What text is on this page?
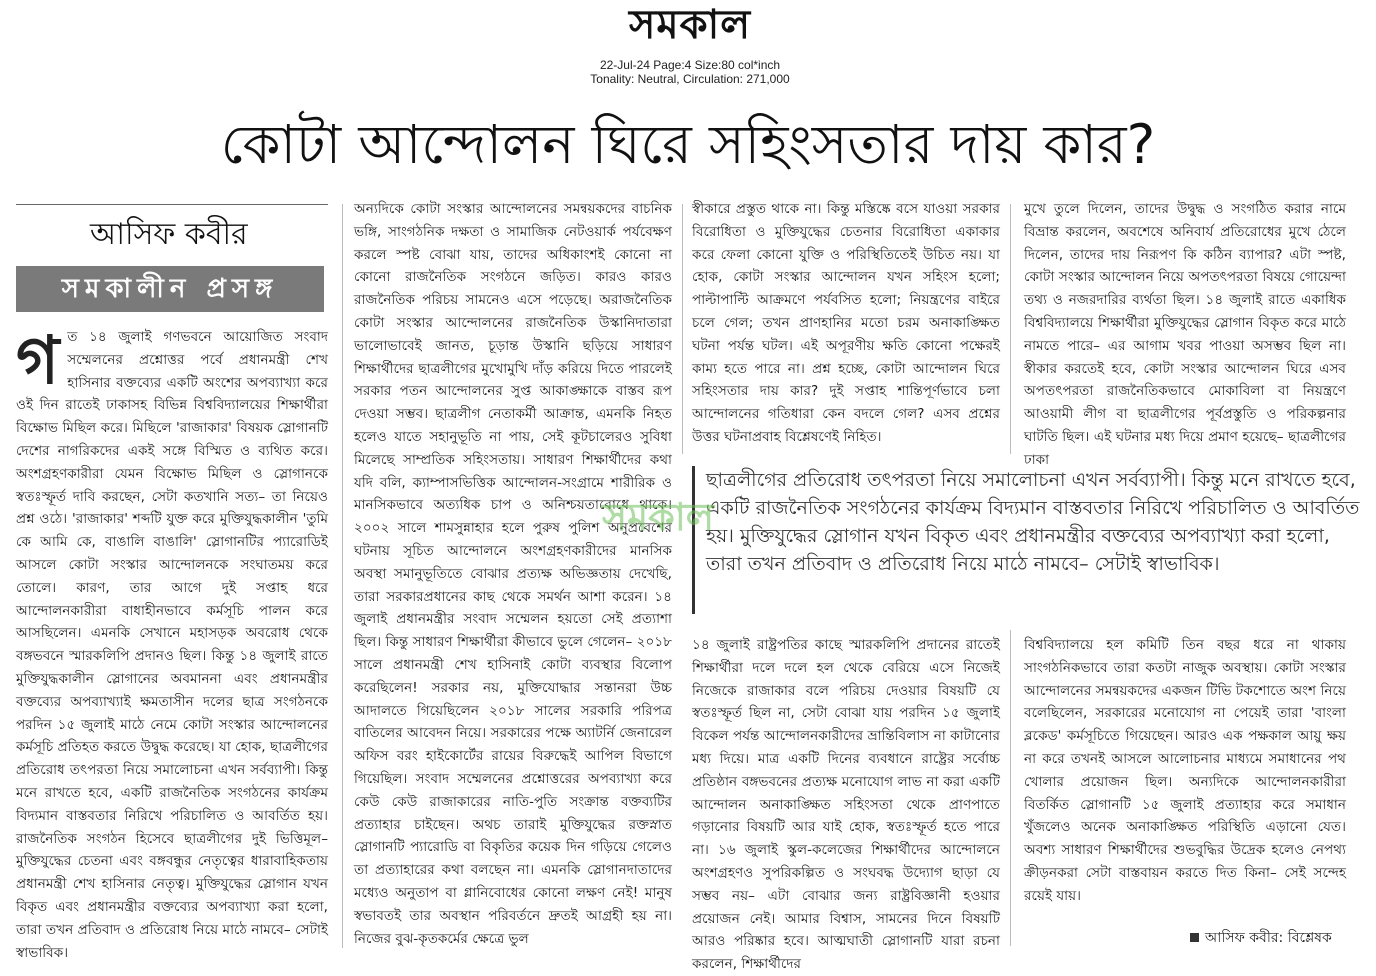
সমকাল
22-Jul-24 Page:4 Size:80 col*inch
Tonality: Neutral, Circulation: 271,000
কোটা আন্দোলন ঘিরে সহিংসতার দায় কার?
আসিফ কবীর
সমকালীন প্রসঙ্গ
গ ত ১৪ জুলাই গণভবনে আয়োজিত সংবাদ সম্মেলনের প্রশ্নোত্তর পর্বে প্রধানমন্ত্রী শেখ হাসিনার বক্তব্যের একটি অংশের অপব্যাখ্যা করে ওই দিন রাতেই ঢাকাসহ বিভিন্ন বিশ্ববিদ্যালয়ের শিক্ষার্থীরা বিক্ষোভ মিছিল করে। মিছিলে 'রাজাকার' বিষয়ক স্লোগানটি দেশের নাগরিকদের একই সঙ্গে বিস্মিত ও ব্যথিত করে। অংশগ্রহণকারীরা যেমন বিক্ষোভ মিছিল ও স্লোগানকে স্বতঃস্ফূর্ত দাবি করছেন, সেটা কতখানি সত্য– তা নিয়েও প্রশ্ন ওঠে। 'রাজাকার' শব্দটি যুক্ত করে মুক্তিযুদ্ধকালীন 'তুমি কে আমি কে, বাঙালি বাঙালি' স্লোগানটির প্যারোডিই আসলে কোটা সংস্কার আন্দোলনকে সংঘাতময় করে তোলে। কারণ, তার আগে দুই সপ্তাহ ধরে আন্দোলনকারীরা বাধাহীনভাবে কর্মসূচি পালন করে আসছিলেন। এমনকি সেখানে মহাসড়ক অবরোধ থেকে বঙ্গভবনে স্মারকলিপি প্রদানও ছিল। কিন্তু ১৪ জুলাই রাতে মুক্তিযুদ্ধকালীন স্লোগানের অবমাননা এবং প্রধানমন্ত্রীর বক্তব্যের অপব্যাখ্যাই ক্ষমতাসীন দলের ছাত্র সংগঠনকে পরদিন ১৫ জুলাই মাঠে নেমে কোটা সংস্কার আন্দোলনের কর্মসূচি প্রতিহত করতে উদ্বুদ্ধ করেছে। যা হোক, ছাত্রলীগের প্রতিরোধ তৎপরতা নিয়ে সমালোচনা এখন সর্বব্যাপী। কিন্তু মনে রাখতে হবে, একটি রাজনৈতিক সংগঠনের কার্যক্রম বিদ্যমান বাস্তবতার নিরিখে পরিচালিত ও আবর্তিত হয়। রাজনৈতিক সংগঠন হিসেবে ছাত্রলীগের দুই ভিত্তিমূল– মুক্তিযুদ্ধের চেতনা এবং বঙ্গবন্ধুর নেতৃত্বের ধারাবাহিকতায় প্রধানমন্ত্রী শেখ হাসিনার নেতৃত্ব। মুক্তিযুদ্ধের স্লোগান যখন বিকৃত এবং প্রধানমন্ত্রীর বক্তব্যের অপব্যাখ্যা করা হলো, তারা তখন প্রতিবাদ ও প্রতিরোধ নিয়ে মাঠে নামবে– সেটাই স্বাভাবিক।

অন্যদিকে কোটা সংস্কার আন্দোলনের সমন্বয়কদের বাচনিক ভঙ্গি, সাংগঠনিক দক্ষতা ও সামাজিক নেটওয়ার্ক পর্যবেক্ষণ করলে স্পষ্ট বোঝা যায়, তাদের অধিকাংশই কোনো না কোনো রাজনৈতিক সংগঠনে জড়িত। কারও কারও রাজনৈতিক পরিচয় সামনেও এসে পড়েছে। অরাজনৈতিক কোটা সংস্কার আন্দোলনের রাজনৈতিক উস্কানিদাতারা ভালোভাবেই জানত, চূড়ান্ত উস্কানি ছড়িয়ে সাধারণ শিক্ষার্থীদের ছাত্রলীগের মুখোমুখি দাঁড় করিয়ে দিতে পারলেই সরকার পতন আন্দোলনের সুপ্ত আকাঙ্ক্ষাকে বাস্তব রূপ দেওয়া সম্ভব। ছাত্রলীগ নেতাকর্মী আক্রান্ত, এমনকি নিহত হলেও যাতে সহানুভূতি না পায়, সেই কূটচালেরও সুবিধা মিলেছে সাম্প্রতিক সহিংসতায়। সাধারণ শিক্ষার্থীদের কথা যদি বলি, ক্যাম্পাসভিত্তিক আন্দোলন-সংগ্রামে শারীরিক ও মানসিকভাবে অত্যধিক চাপ ও অনিশ্চয়তাবোধে থাকে। ২০০২ সালে শামসুন্নাহার হলে পুরুষ পুলিশ অনুপ্রবেশের ঘটনায় সূচিত আন্দোলনে অংশগ্রহণকারীদের মানসিক অবস্থা সমানুভূতিতে বোঝার প্রত্যক্ষ অভিজ্ঞতায় দেখেছি, তারা সরকারপ্রধানের কাছ থেকে সমর্থন আশা করেন। ১৪ জুলাই প্রধানমন্ত্রীর সংবাদ সম্মেলন হয়তো সেই প্রত্যাশা ছিল। কিন্তু সাধারণ শিক্ষার্থীরা কীভাবে ভুলে গেলেন– ২০১৮ সালে প্রধানমন্ত্রী শেখ হাসিনাই কোটা ব্যবস্থার বিলোপ করেছিলেন! সরকার নয়, মুক্তিযোদ্ধার সন্তানরা উচ্চ আদালতে গিয়েছিলেন ২০১৮ সালের সরকারি পরিপত্র বাতিলের আবেদন নিয়ে। সরকারের পক্ষে অ্যাটর্নি জেনারেল অফিস বরং হাইকোর্টের রায়ের বিরুদ্ধেই আপিল বিভাগে গিয়েছিল। সংবাদ সম্মেলনের প্রশ্নোত্তরের অপব্যাখ্যা করে কেউ কেউ রাজাকারের নাতি-পুতি সংক্রান্ত বক্তব্যটির প্রত্যাহার চাইছেন। অথচ তারাই মুক্তিযুদ্ধের রক্তস্নাত স্লোগানটি প্যারোডি বা বিকৃতির কয়েক দিন গড়িয়ে গেলেও তা প্রত্যাহারের কথা বলছেন না। এমনকি স্লোগানদাতাদের মধ্যেও অনুতাপ বা গ্লানিবোধের কোনো লক্ষণ নেই! মানুষ স্বভাবতই তার অবস্থান পরিবর্তনে দ্রুতই আগ্রহী হয় না। নিজের বুঝ-কৃতকর্মের ক্ষেত্রে ভুল

স্বীকারে প্রস্তুত থাকে না। কিন্তু মস্তিষ্কে বসে যাওয়া সরকার বিরোধিতা ও মুক্তিযুদ্ধের চেতনার বিরোধিতা একাকার করে ফেলা কোনো যুক্তি ও পরিস্থিতিতেই উচিত নয়। যা হোক, কোটা সংস্কার আন্দোলন যখন সহিংস হলো; পাল্টাপাল্টি আক্রমণে পর্যবসিত হলো; নিয়ন্ত্রণের বাইরে চলে গেল; তখন প্রাণহানির মতো চরম অনাকাঙ্ক্ষিত ঘটনা পর্যন্ত ঘটল। এই অপূরণীয় ক্ষতি কোনো পক্ষেরই কাম্য হতে পারে না। প্রশ্ন হচ্ছে, কোটা আন্দোলন ঘিরে সহিংসতার দায় কার? দুই সপ্তাহ শান্তিপূর্ণভাবে চলা আন্দোলনের গতিধারা কেন বদলে গেল? এসব প্রশ্নের উত্তর ঘটনাপ্রবাহ বিশ্লেষণেই নিহিত।

মুখে তুলে দিলেন, তাদের উদ্বুদ্ধ ও সংগঠিত করার নামে বিভ্রান্ত করলেন, অবশেষে অনিবার্য প্রতিরোধের মুখে ঠেলে দিলেন, তাদের দায় নিরূপণ কি কঠিন ব্যাপার? এটা স্পষ্ট, কোটা সংস্কার আন্দোলন নিয়ে অপতৎপরতা বিষয়ে গোয়েন্দা তথ্য ও নজরদারির ব্যর্থতা ছিল। ১৪ জুলাই রাতে একাধিক বিশ্ববিদ্যালয়ে শিক্ষার্থীরা মুক্তিযুদ্ধের স্লোগান বিকৃত করে মাঠে নামতে পারে– এর আগাম খবর পাওয়া অসম্ভব ছিল না। স্বীকার করতেই হবে, কোটা সংস্কার আন্দোলন ঘিরে এসব অপতৎপরতা রাজনৈতিকভাবে মোকাবিলা বা নিয়ন্ত্রণে আওয়ামী লীগ বা ছাত্রলীগের পূর্বপ্রস্তুতি ও পরিকল্পনার ঘাটতি ছিল। এই ঘটনার মধ্য দিয়ে প্রমাণ হয়েছে– ছাত্রলীগের ঢাকা

ছাত্রলীগের প্রতিরোধ তৎপরতা নিয়ে সমালোচনা এখন সর্বব্যাপী। কিন্তু মনে রাখতে হবে, একটি রাজনৈতিক সংগঠনের কার্যক্রম বিদ্যমান বাস্তবতার নিরিখে পরিচালিত ও আবর্তিত হয়। মুক্তিযুদ্ধের স্লোগান যখন বিকৃত এবং প্রধানমন্ত্রীর বক্তব্যের অপব্যাখ্যা করা হলো, তারা তখন প্রতিবাদ ও প্রতিরোধ নিয়ে মাঠে নামবে– সেটাই স্বাভাবিক।
সমকাল

১৪ জুলাই রাষ্ট্রপতির কাছে স্মারকলিপি প্রদানের রাতেই শিক্ষার্থীরা দলে দলে হল থেকে বেরিয়ে এসে নিজেই নিজেকে রাজাকার বলে পরিচয় দেওয়ার বিষয়টি যে স্বতঃস্ফূর্ত ছিল না, সেটা বোঝা যায় পরদিন ১৫ জুলাই বিকেল পর্যন্ত আন্দোলনকারীদের ভ্রান্তিবিলাস না কাটানোর মধ্য দিয়ে। মাত্র একটি দিনের ব্যবধানে রাষ্ট্রের সর্বোচ্চ প্রতিষ্ঠান বঙ্গভবনের প্রত্যক্ষ মনোযোগ লাভ না করা একটি আন্দোলন অনাকাঙ্ক্ষিত সহিংসতা থেকে প্রাণপাতে গড়ানোর বিষয়টি আর যাই হোক, স্বতঃস্ফূর্ত হতে পারে না। ১৬ জুলাই স্কুল-কলেজের শিক্ষার্থীদের আন্দোলনে অংশগ্রহণও সুপরিকল্পিত ও সংঘবদ্ধ উদ্যোগ ছাড়া যে সম্ভব নয়– এটা বোঝার জন্য রাষ্ট্রবিজ্ঞানী হওয়ার প্রয়োজন নেই। আমার বিশ্বাস, সামনের দিনে বিষয়টি আরও পরিষ্কার হবে। আত্মঘাতী স্লোগানটি যারা রচনা করলেন, শিক্ষার্থীদের

বিশ্ববিদ্যালয়ে হল কমিটি তিন বছর ধরে না থাকায় সাংগঠনিকভাবে তারা কতটা নাজুক অবস্থায়। কোটা সংস্কার আন্দোলনের সমন্বয়কদের একজন টিভি টকশোতে অংশ নিয়ে বলেছিলেন, সরকারের মনোযোগ না পেয়েই তারা 'বাংলা ব্লকেড' কর্মসূচিতে গিয়েছেন। আরও এক পক্ষকাল আয়ু ক্ষয় না করে তখনই আসলে আলোচনার মাধ্যমে সমাধানের পথ খোলার প্রয়োজন ছিল। অন্যদিকে আন্দোলনকারীরা বিতর্কিত স্লোগানটি ১৫ জুলাই প্রত্যাহার করে সমাধান খুঁজলেও অনেক অনাকাঙ্ক্ষিত পরিস্থিতি এড়ানো যেত। অবশ্য সাধারণ শিক্ষার্থীদের শুভবুদ্ধির উদ্রেক হলেও নেপথ্য ক্রীড়নকরা সেটা বাস্তবায়ন করতে দিত কিনা– সেই সন্দেহ রয়েই যায়।

আসিফ কবীর: বিশ্লেষক
